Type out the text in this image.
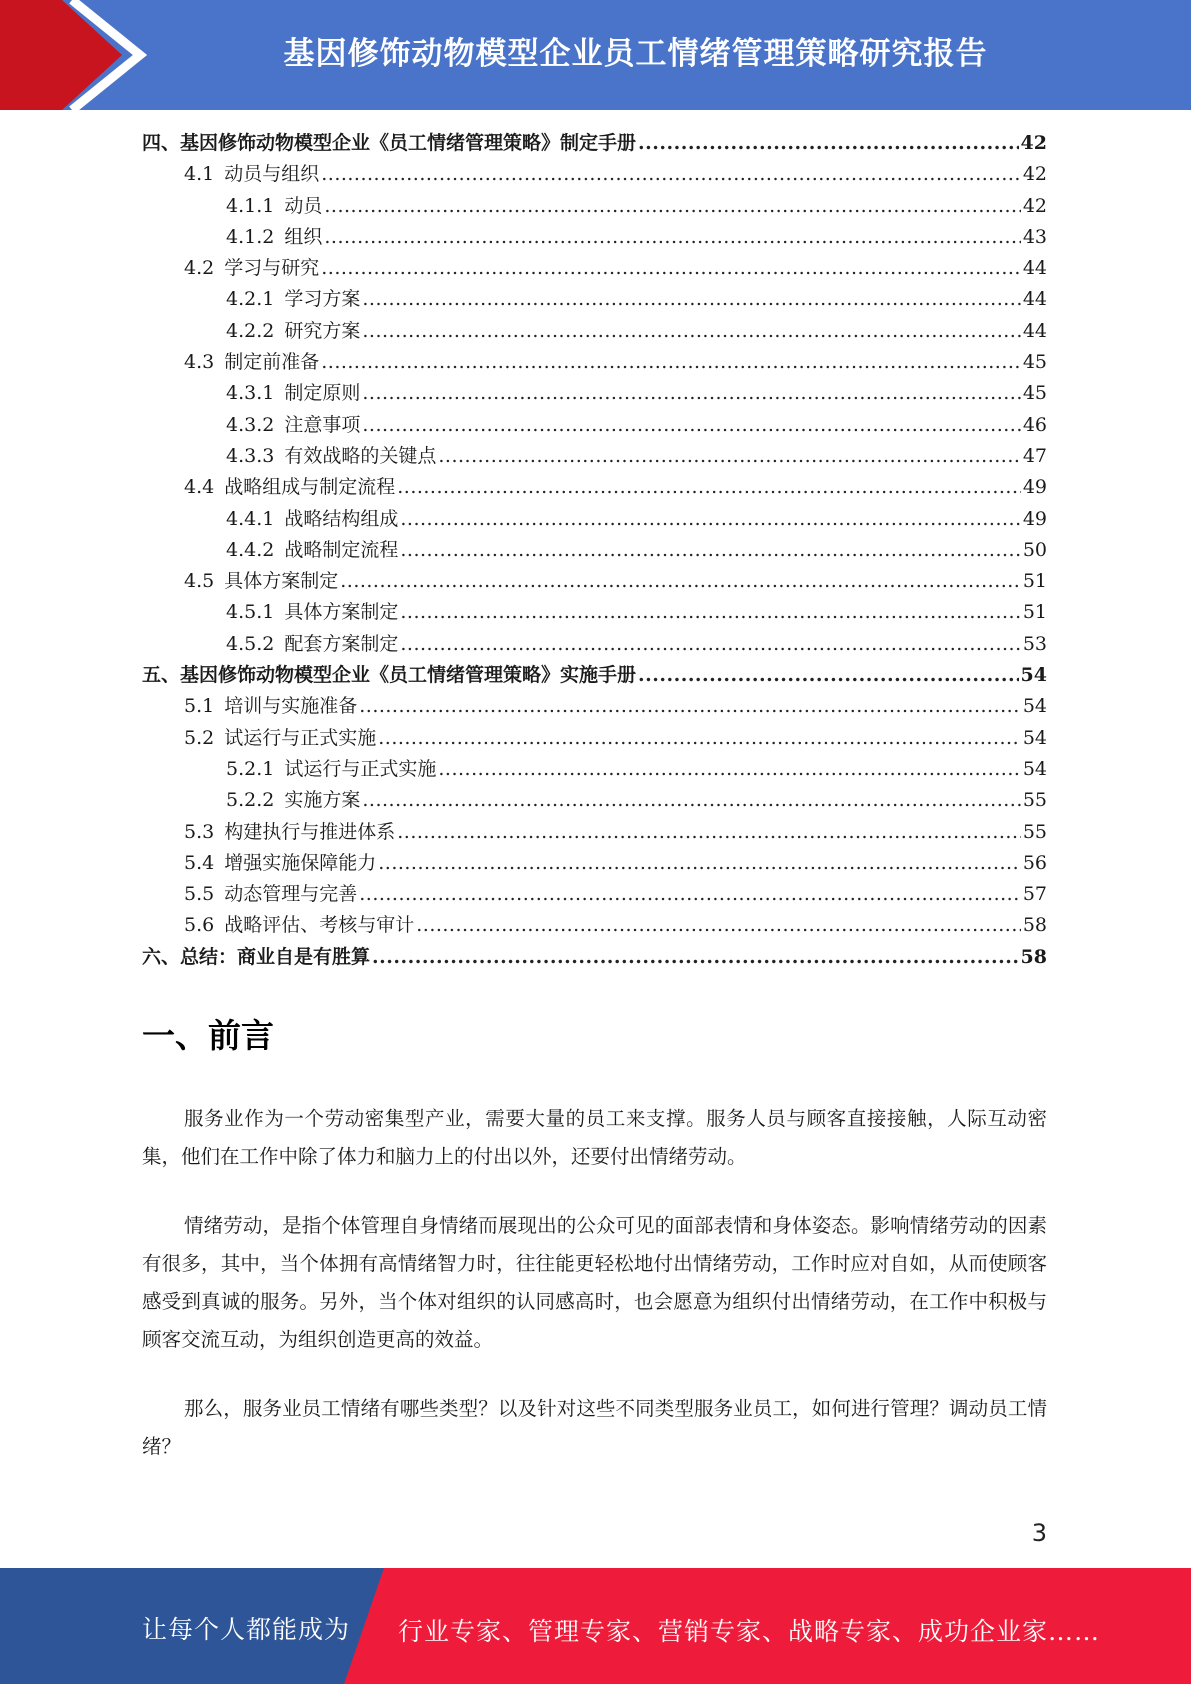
基因修饰动物模型企业员工情绪管理策略研究报告
四、基因修饰动物模型企业《员工情绪管理策略》制定手册 .....	42
4.1 动员与组织 .....	42
4.1.1 动员 .....	42
4.1.2 组织 .....	43
4.2 学习与研究 .....	44
4.2.1 学习方案 .....	44
4.2.2 研究方案 .....	44
4.3 制定前准备 .....	45
4.3.1 制定原则 .....	45
4.3.2 注意事项 .....	46
4.3.3 有效战略的关键点 .....	47
4.4 战略组成与制定流程 .....	49
4.4.1 战略结构组成 .....	49
4.4.2 战略制定流程 .....	50
4.5 具体方案制定 .....	51
4.5.1 具体方案制定 .....	51
4.5.2 配套方案制定 .....	53
五、基因修饰动物模型企业《员工情绪管理策略》实施手册 .....	54
5.1 培训与实施准备 .....	54
5.2 试运行与正式实施 .....	54
5.2.1 试运行与正式实施 .....	54
5.2.2 实施方案 .....	55
5.3 构建执行与推进体系 .....	55
5.4 增强实施保障能力 .....	56
5.5 动态管理与完善 .....	57
5.6 战略评估、考核与审计 .....	58
六、总结：商业自是有胜算 .....	58
一、前言

服务业作为一个劳动密集型产业，需要大量的员工来支撑。服务人员与顾客直接接触，人际互动密集，他们在工作中除了体力和脑力上的付出以外，还要付出情绪劳动。

情绪劳动，是指个体管理自身情绪而展现出的公众可见的面部表情和身体姿态。影响情绪劳动的因素有很多，其中，当个体拥有高情绪智力时，往往能更轻松地付出情绪劳动，工作时应对自如，从而使顾客感受到真诚的服务。另外，当个体对组织的认同感高时，也会愿意为组织付出情绪劳动，在工作中积极与顾客交流互动，为组织创造更高的效益。

那么，服务业员工情绪有哪些类型？以及针对这些不同类型服务业员工，如何进行管理？调动员工情绪？

3
让每个人都能成为 行业专家、管理专家、营销专家、战略专家、成功企业家……
